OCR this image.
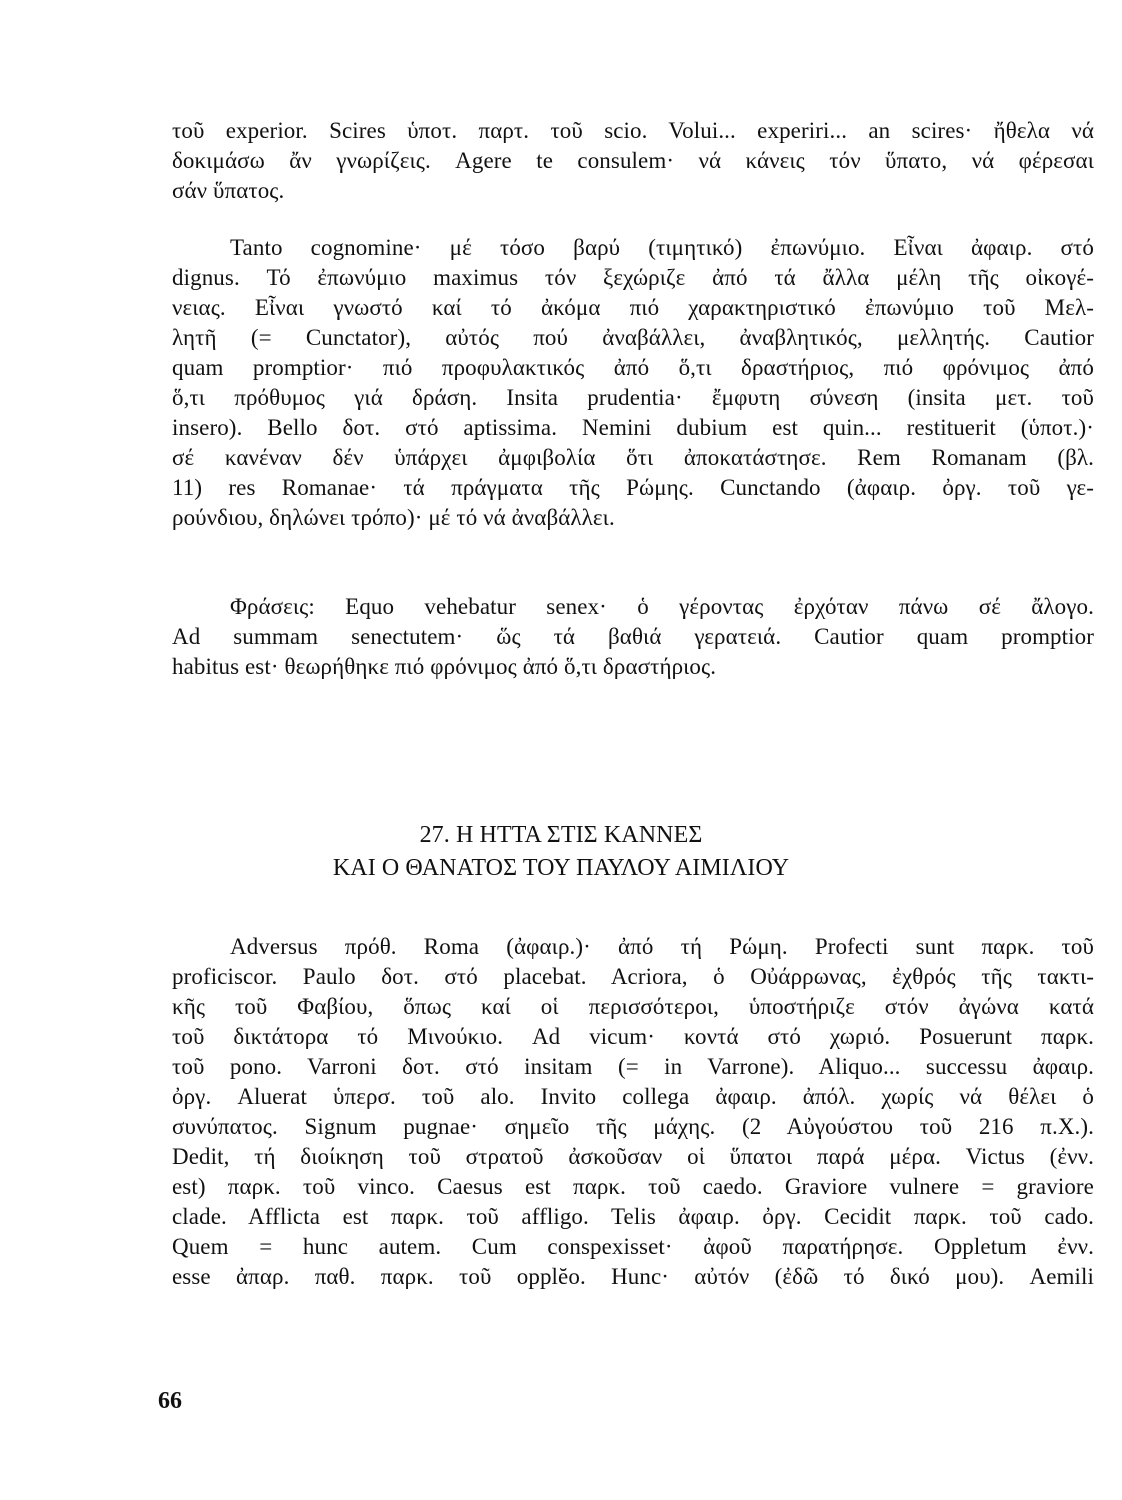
τοῦ experior. Scires ὑποτ. παρτ. τοῦ scio. Volui... experiri... an scires· ἤθελα νά
δοκιμάσω ἄν γνωρίζεις. Agere te consulem· νά κάνεις τόν ὕπατο, νά φέρεσαι
σάν ὕπατος.
Tanto cognomine· μέ τόσο βαρύ (τιμητικό) ἐπωνύμιο. Εἶναι ἀφαιρ. στό
dignus. Τό ἐπωνύμιο maximus τόν ξεχώριζε ἀπό τά ἄλλα μέλη τῆς οἰκογέ-
νειας. Εἶναι γνωστό καί τό ἀκόμα πιό χαρακτηριστικό ἐπωνύμιο τοῦ Μελ-
λητῆ (= Cunctator), αὐτός πού ἀναβάλλει, ἀναβλητικός, μελλητής. Cautior
quam promptior· πιό προφυλακτικός ἀπό ὅ,τι δραστήριος, πιό φρόνιμος ἀπό
ὅ,τι πρόθυμος γιά δράση. Insita prudentia· ἔμφυτη σύνεση (insita μετ. τοῦ
insero). Bello δοτ. στό aptissima. Nemini dubium est quin... restituerit (ὑποτ.)·
σέ κανέναν δέν ὑπάρχει ἀμφιβολία ὅτι ἀποκατάστησε. Rem Romanam (βλ.
11) res Romanae· τά πράγματα τῆς Ρώμης. Cunctando (ἀφαιρ. ὀργ. τοῦ γε-
ρούνδιου, δηλώνει τρόπο)· μέ τό νά ἀναβάλλει.
Φράσεις: Equo vehebatur senex· ὁ γέροντας ἐρχόταν πάνω σέ ἄλογο.
Ad summam senectutem· ὥς τά βαθιά γερατειά. Cautior quam promptior
habitus est· θεωρήθηκε πιό φρόνιμος ἀπό ὅ,τι δραστήριος.
27. Η ΗΤΤΑ ΣΤΙΣ ΚΑΝΝΕΣ
ΚΑΙ Ο ΘΑΝΑΤΟΣ ΤΟΥ ΠΑΥΛΟΥ ΑΙΜΙΛΙΟΥ
Adversus πρόθ. Roma (ἀφαιρ.)· ἀπό τή Ρώμη. Profecti sunt παρκ. τοῦ
proficiscor. Paulo δοτ. στό placebat. Acriora, ὁ Οὐάρρωνας, ἐχθρός τῆς τακτι-
κῆς τοῦ Φαβίου, ὅπως καί οἱ περισσότεροι, ὑποστήριζε στόν ἀγώνα κατά
τοῦ δικτάτορα τό Μινούκιο. Ad vicum· κοντά στό χωριό. Posuerunt παρκ.
τοῦ pono. Varroni δοτ. στό insitam (= in Varrone). Aliquo... successu ἀφαιρ.
ὀργ. Aluerat ὑπερσ. τοῦ alo. Invito collega ἀφαιρ. ἀπόλ. χωρίς νά θέλει ὁ
συνύπατος. Signum pugnae· σημεῖο τῆς μάχης. (2 Αὐγούστου τοῦ 216 π.Χ.).
Dedit, τή διοίκηση τοῦ στρατοῦ ἀσκοῦσαν οἱ ὕπατοι παρά μέρα. Victus (ἐνν.
est) παρκ. τοῦ vinco. Caesus est παρκ. τοῦ caedo. Graviore vulnere = graviore
clade. Afflicta est παρκ. τοῦ affligo. Telis ἀφαιρ. ὀργ. Cecidit παρκ. τοῦ cado.
Quem = hunc autem. Cum conspexisset· ἀφοῦ παρατήρησε. Oppletum ἐνν.
esse ἀπαρ. παθ. παρκ. τοῦ opplĕo. Hunc· αὐτόν (ἐδῶ τό δικό μου). Aemili
66
